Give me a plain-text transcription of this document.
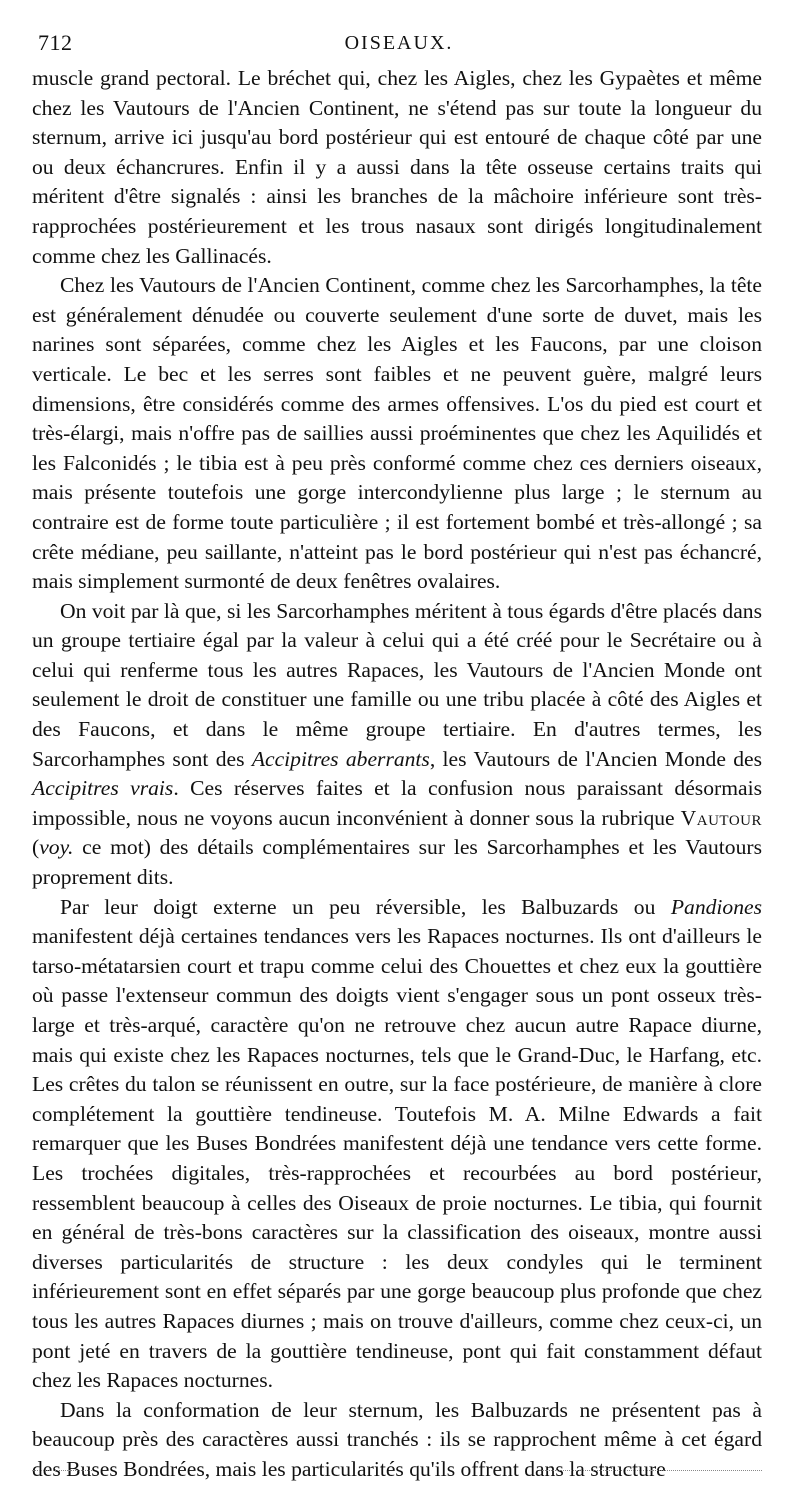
712	OISEAUX.

muscle grand pectoral. Le bréchet qui, chez les Aigles, chez les Gypaètes et même chez les Vautours de l'Ancien Continent, ne s'étend pas sur toute la longueur du sternum, arrive ici jusqu'au bord postérieur qui est entouré de chaque côté par une ou deux échancrures. Enfin il y a aussi dans la tête osseuse certains traits qui méritent d'être signalés : ainsi les branches de la mâchoire inférieure sont très-rapprochées postérieurement et les trous nasaux sont dirigés longitudinalement comme chez les Gallinacés.

Chez les Vautours de l'Ancien Continent, comme chez les Sarcorhamphes, la tête est généralement dénudée ou couverte seulement d'une sorte de duvet, mais les narines sont séparées, comme chez les Aigles et les Faucons, par une cloison verticale. Le bec et les serres sont faibles et ne peuvent guère, malgré leurs dimensions, être considérés comme des armes offensives. L'os du pied est court et très-élargi, mais n'offre pas de saillies aussi proéminentes que chez les Aquilidés et les Falconidés ; le tibia est à peu près conformé comme chez ces derniers oiseaux, mais présente toutefois une gorge intercondylienne plus large ; le sternum au contraire est de forme toute particulière ; il est fortement bombé et très-allongé ; sa crête médiane, peu saillante, n'atteint pas le bord postérieur qui n'est pas échancré, mais simplement surmonté de deux fenêtres ovalaires.

On voit par là que, si les Sarcorhamphes méritent à tous égards d'être placés dans un groupe tertiaire égal par la valeur à celui qui a été créé pour le Secrétaire ou à celui qui renferme tous les autres Rapaces, les Vautours de l'Ancien Monde ont seulement le droit de constituer une famille ou une tribu placée à côté des Aigles et des Faucons, et dans le même groupe tertiaire. En d'autres termes, les Sarcorhamphes sont des Accipitres aberrants, les Vautours de l'Ancien Monde des Accipitres vrais. Ces réserves faites et la confusion nous paraissant désormais impossible, nous ne voyons aucun inconvénient à donner sous la rubrique Vautour (voy. ce mot) des détails complémentaires sur les Sarcorhamphes et les Vautours proprement dits.

Par leur doigt externe un peu réversible, les Balbuzards ou Pandiones manifestent déjà certaines tendances vers les Rapaces nocturnes. Ils ont d'ailleurs le tarso-métatarsien court et trapu comme celui des Chouettes et chez eux la gouttière où passe l'extenseur commun des doigts vient s'engager sous un pont osseux très-large et très-arqué, caractère qu'on ne retrouve chez aucun autre Rapace diurne, mais qui existe chez les Rapaces nocturnes, tels que le Grand-Duc, le Harfang, etc. Les crêtes du talon se réunissent en outre, sur la face postérieure, de manière à clore complétement la gouttière tendineuse. Toutefois M. A. Milne Edwards a fait remarquer que les Buses Bondrées manifestent déjà une tendance vers cette forme. Les trochées digitales, très-rapprochées et recourbées au bord postérieur, ressemblent beaucoup à celles des Oiseaux de proie nocturnes. Le tibia, qui fournit en général de très-bons caractères sur la classification des oiseaux, montre aussi diverses particularités de structure : les deux condyles qui le terminent inférieurement sont en effet séparés par une gorge beaucoup plus profonde que chez tous les autres Rapaces diurnes ; mais on trouve d'ailleurs, comme chez ceux-ci, un pont jeté en travers de la gouttière tendineuse, pont qui fait constamment défaut chez les Rapaces nocturnes.

Dans la conformation de leur sternum, les Balbuzards ne présentent pas à beaucoup près des caractères aussi tranchés : ils se rapprochent même à cet égard des Buses Bondrées, mais les particularités qu'ils offrent dans la structure
